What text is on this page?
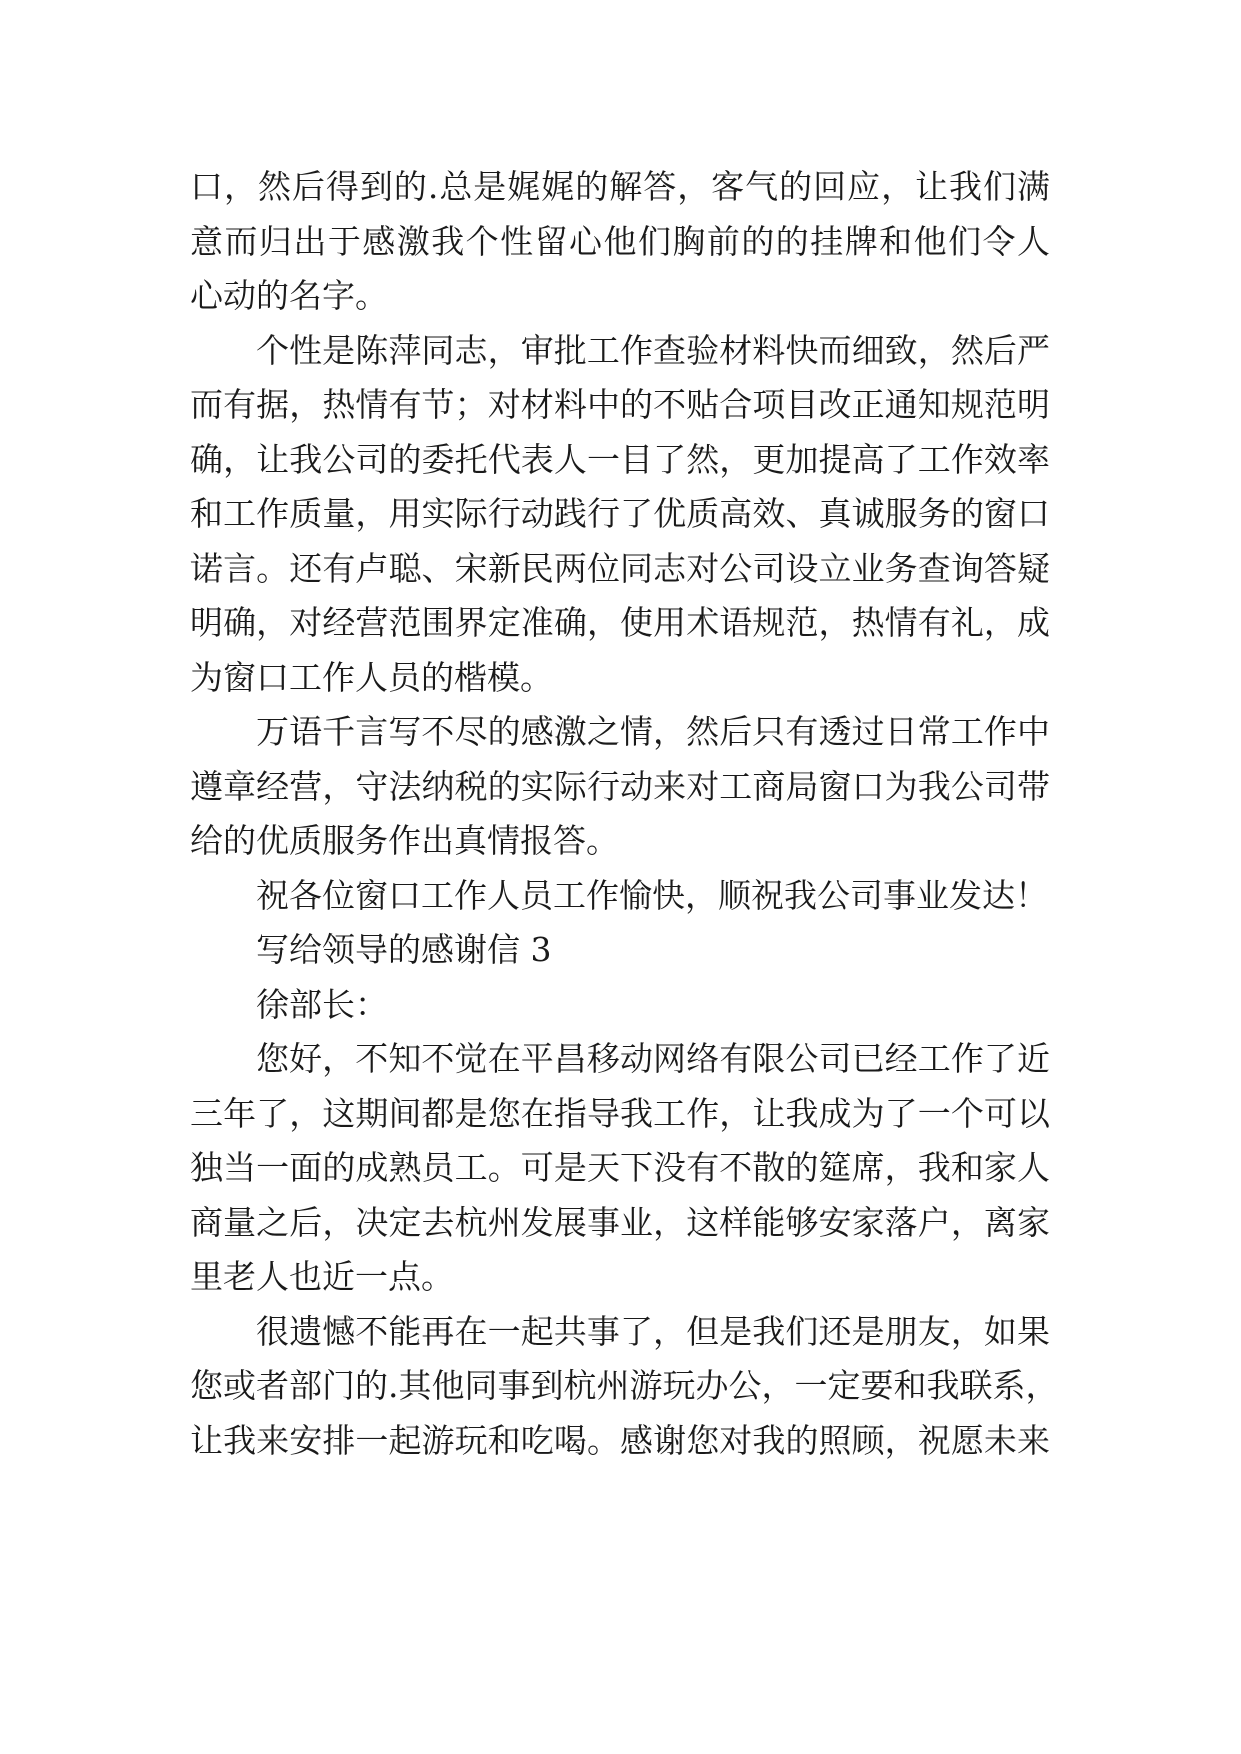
口，然后得到的.总是娓娓的解答，客气的回应，让我们满
意而归出于感激我个性留心他们胸前的的挂牌和他们令人
心动的名字。
个性是陈萍同志，审批工作查验材料快而细致，然后严
而有据，热情有节；对材料中的不贴合项目改正通知规范明
确，让我公司的委托代表人一目了然，更加提高了工作效率
和工作质量，用实际行动践行了优质高效、真诚服务的窗口
诺言。还有卢聪、宋新民两位同志对公司设立业务查询答疑
明确，对经营范围界定准确，使用术语规范，热情有礼，成
为窗口工作人员的楷模。
万语千言写不尽的感激之情，然后只有透过日常工作中
遵章经营，守法纳税的实际行动来对工商局窗口为我公司带
给的优质服务作出真情报答。
祝各位窗口工作人员工作愉快，顺祝我公司事业发达！
写给领导的感谢信 3
徐部长：
您好，不知不觉在平昌移动网络有限公司已经工作了近
三年了，这期间都是您在指导我工作，让我成为了一个可以
独当一面的成熟员工。可是天下没有不散的筵席，我和家人
商量之后，决定去杭州发展事业，这样能够安家落户，离家
里老人也近一点。
很遗憾不能再在一起共事了，但是我们还是朋友，如果
您或者部门的.其他同事到杭州游玩办公，一定要和我联系，
让我来安排一起游玩和吃喝。感谢您对我的照顾，祝愿未来
